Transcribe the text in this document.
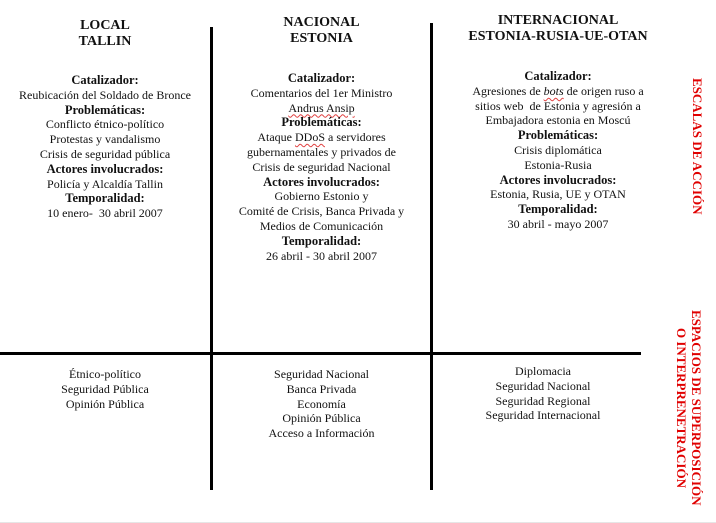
LOCAL
TALLIN
Catalizador:
Reubicación del Soldado de Bronce
Problemáticas:
Conflicto étnico-político
Protestas y vandalismo
Crisis de seguridad pública
Actores involucrados:
Policía y Alcaldía Tallin
Temporalidad:
10 enero-  30 abril 2007
NACIONAL
ESTONIA
Catalizador:
Comentarios del 1er Ministro
Andrus Ansip
Problemáticas:
Ataque DDoS a servidores
gubernamentales y privados de
Crisis de seguridad Nacional
Actores involucrados:
Gobierno Estonio y
Comité de Crisis, Banca Privada y
Medios de Comunicación
Temporalidad:
26 abril - 30 abril 2007
INTERNACIONAL
ESTONIA-RUSIA-UE-OTAN
Catalizador:
Agresiones de bots de origen ruso a
sitios web  de Estonia y agresión a
Embajadora estonia en Moscú
Problemáticas:
Crisis diplomática
Estonia-Rusia
Actores involucrados:
Estonia, Rusia, UE y OTAN
Temporalidad:
30 abril - mayo 2007
Étnico-político
Seguridad Pública
Opinión Pública
Seguridad Nacional
Banca Privada
Economía
Opinión Pública
Acceso a Información
Diplomacia
Seguridad Nacional
Seguridad Regional
Seguridad Internacional
ESCALAS DE ACCIÓN
ESPACIOS DE SUPERPOSICIÓN
O INTERPRENETRACIÓN
